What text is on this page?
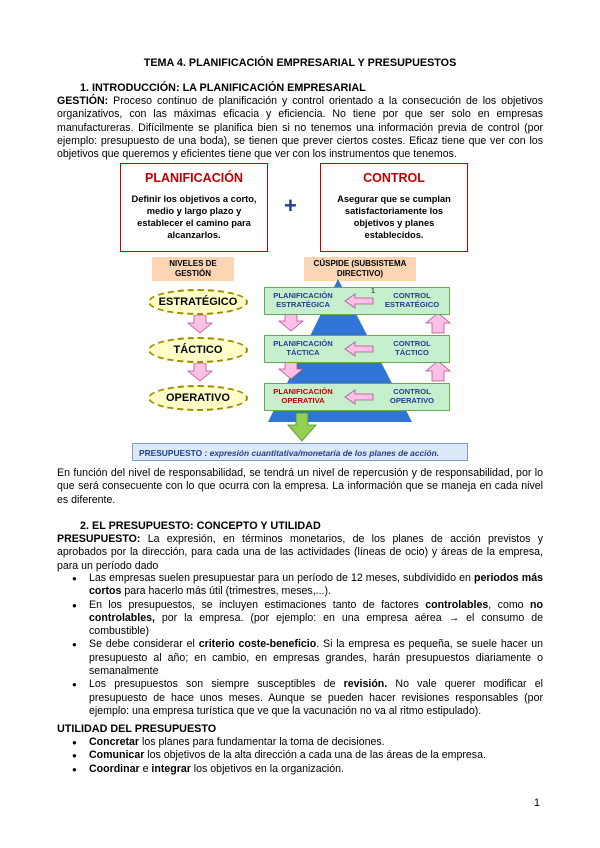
TEMA 4. PLANIFICACIÓN EMPRESARIAL Y PRESUPUESTOS
1. INTRODUCCIÓN: LA PLANIFICACIÓN EMPRESARIAL
GESTIÓN: Proceso continuo de planificación y control orientado a la consecución de los objetivos organizativos, con las máximas eficacia y eficiencia. No tiene por que ser solo en empresas manufactureras. Difícilmente se planifica bien si no tenemos una información previa de control (por ejemplo: presupuesto de una boda), se tienen que prever ciertos costes. Eficaz tiene que ver con los objetivos que queremos y eficientes tiene que ver con los instrumentos que tenemos.
PLANIFICACIÓN
Definir los objetivos a corto, medio y largo plazo y establecer el camino para alcanzarlos.
+
CONTROL
Asegurar que se cumplan satisfactoriamente los objetivos y planes establecidos.
NIVELES DE GESTIÓN
CÚSPIDE (SUBSISTEMA DIRECTIVO)
ESTRATÉGICO
TÁCTICO
OPERATIVO
PLANIFICACIÓN ESTRATÉGICA
CONTROL ESTRATÉGICO
1
PLANIFICACIÓN TÁCTICA
CONTROL TÁCTICO
PLANIFICACIÓN OPERATIVA
CONTROL OPERATIVO
PRESUPUESTO : expresión cuantitativa/monetaria de los planes de acción.
En función del nivel de responsabilidad, se tendrá un nivel de repercusión y de responsabilidad, por lo que será consecuente con lo que ocurra con la empresa. La información que se maneja en cada nivel es diferente.
2. EL PRESUPUESTO: CONCEPTO Y UTILIDAD
PRESUPUESTO: La expresión, en términos monetarios, de los planes de acción previstos y aprobados por la dirección, para cada una de las actividades (líneas de ocio) y áreas de la empresa, para un período dado
● Las empresas suelen presupuestar para un período de 12 meses, subdividido en periodos más cortos para hacerlo más útil (trimestres, meses,...).
● En los presupuestos, se incluyen estimaciones tanto de factores controlables, como no controlables, por la empresa. (por ejemplo: en una empresa aérea → el consumo de combustible)
● Se debe considerar el criterio coste-beneficio. Si la empresa es pequeña, se suele hacer un presupuesto al año; en cambio, en empresas grandes, harán presupuestos diariamente o semanalmente
● Los presupuestos son siempre susceptibles de revisión. No vale querer modificar el presupuesto de hace unos meses. Aunque se pueden hacer revisiones responsables (por ejemplo: una empresa turística que ve que la vacunación no va al ritmo estipulado).
UTILIDAD DEL PRESUPUESTO
● Concretar los planes para fundamentar la toma de decisiones.
● Comunicar los objetivos de la alta dirección a cada una de las áreas de la empresa.
● Coordinar e integrar los objetivos en la organización.
1
